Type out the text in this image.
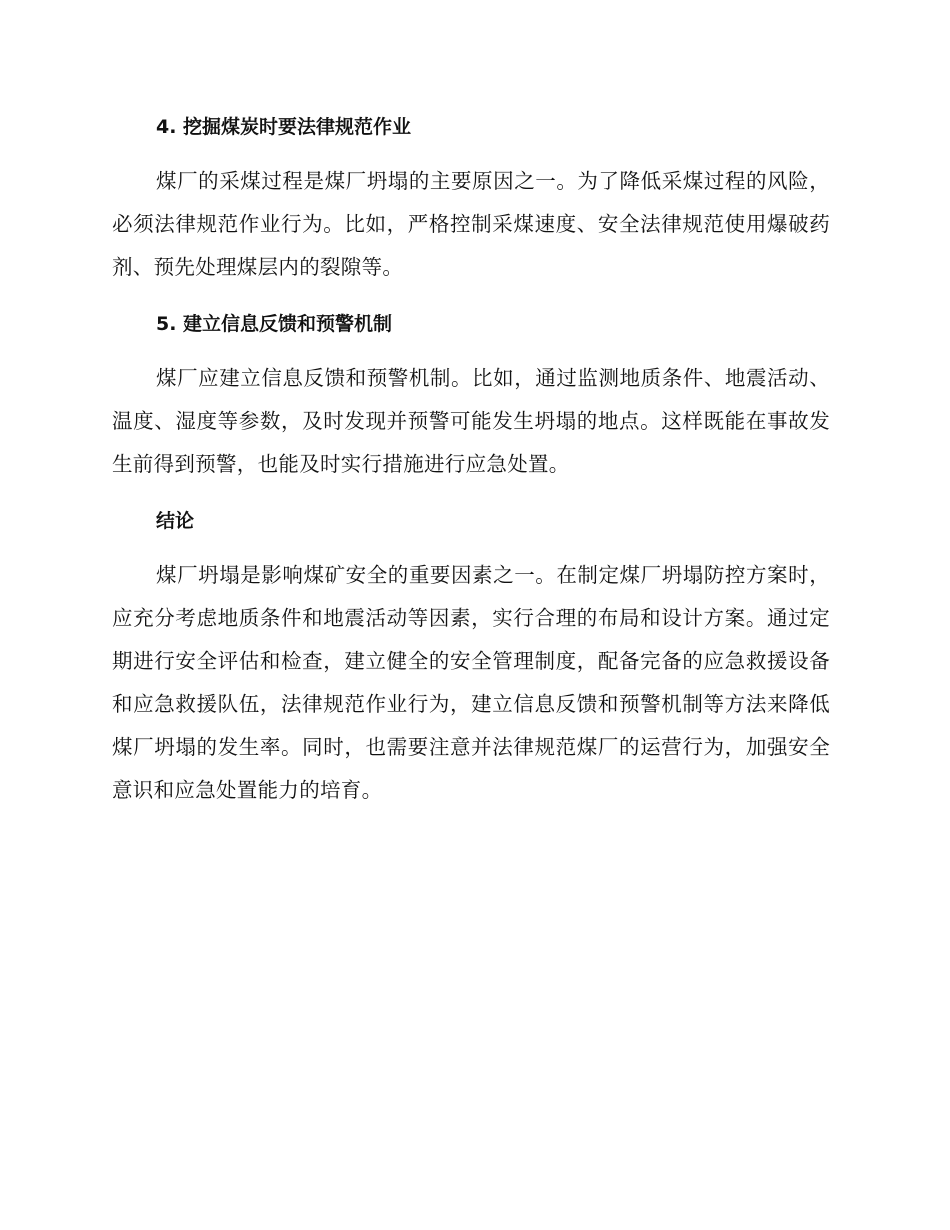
4. 挖掘煤炭时要法律规范作业

煤厂的采煤过程是煤厂坍塌的主要原因之一。为了降低采煤过程的风险，必须法律规范作业行为。比如，严格控制采煤速度、安全法律规范使用爆破药剂、预先处理煤层内的裂隙等。

5. 建立信息反馈和预警机制

煤厂应建立信息反馈和预警机制。比如，通过监测地质条件、地震活动、温度、湿度等参数，及时发现并预警可能发生坍塌的地点。这样既能在事故发生前得到预警，也能及时实行措施进行应急处置。

结论

煤厂坍塌是影响煤矿安全的重要因素之一。在制定煤厂坍塌防控方案时，应充分考虑地质条件和地震活动等因素，实行合理的布局和设计方案。通过定期进行安全评估和检查，建立健全的安全管理制度，配备完备的应急救援设备和应急救援队伍，法律规范作业行为，建立信息反馈和预警机制等方法来降低煤厂坍塌的发生率。同时，也需要注意并法律规范煤厂的运营行为，加强安全意识和应急处置能力的培育。
